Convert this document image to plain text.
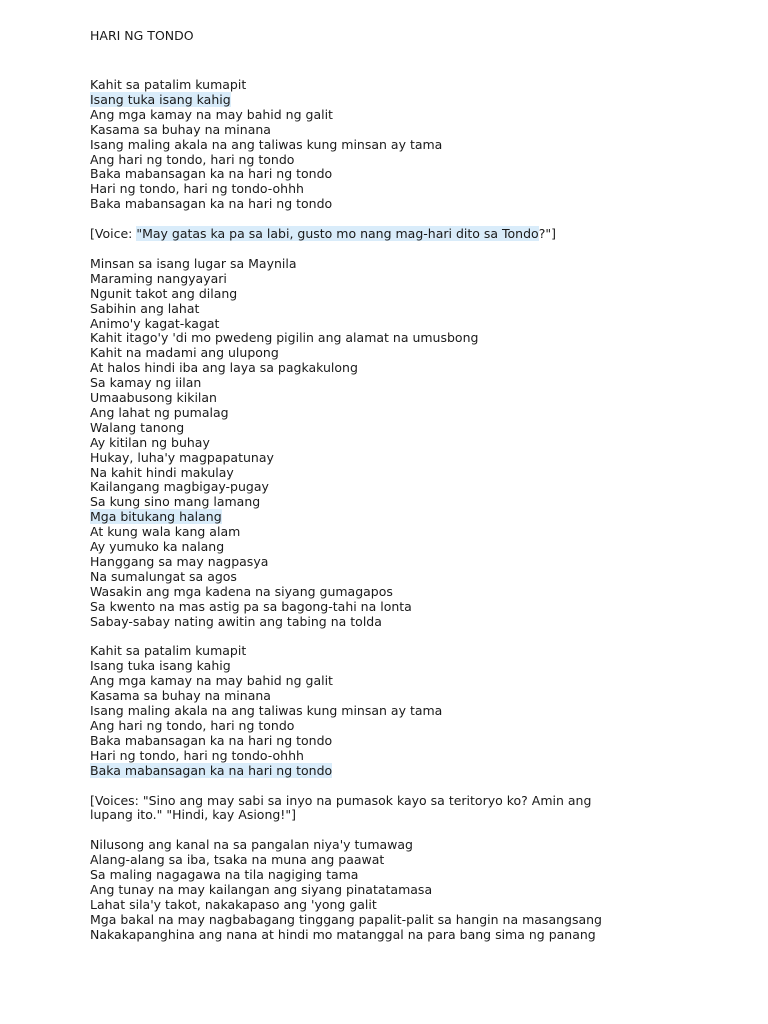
HARI NG TONDO
Kahit sa patalim kumapit
Isang tuka isang kahig
Ang mga kamay na may bahid ng galit
Kasama sa buhay na minana
Isang maling akala na ang taliwas kung minsan ay tama
Ang hari ng tondo, hari ng tondo
Baka mabansagan ka na hari ng tondo
Hari ng tondo, hari ng tondo-ohhh
Baka mabansagan ka na hari ng tondo
[Voice: "May gatas ka pa sa labi, gusto mo nang mag-hari dito sa Tondo?"]
Minsan sa isang lugar sa Maynila
Maraming nangyayari
Ngunit takot ang dilang
Sabihin ang lahat
Animo'y kagat-kagat
Kahit itago'y 'di mo pwedeng pigilin ang alamat na umusbong
Kahit na madami ang ulupong
At halos hindi iba ang laya sa pagkakulong
Sa kamay ng iilan
Umaabusong kikilan
Ang lahat ng pumalag
Walang tanong
Ay kitilan ng buhay
Hukay, luha'y magpapatunay
Na kahit hindi makulay
Kailangang magbigay-pugay
Sa kung sino mang lamang
Mga bitukang halang
At kung wala kang alam
Ay yumuko ka nalang
Hanggang sa may nagpasya
Na sumalungat sa agos
Wasakin ang mga kadena na siyang gumagapos
Sa kwento na mas astig pa sa bagong-tahi na lonta
Sabay-sabay nating awitin ang tabing na tolda
Kahit sa patalim kumapit
Isang tuka isang kahig
Ang mga kamay na may bahid ng galit
Kasama sa buhay na minana
Isang maling akala na ang taliwas kung minsan ay tama
Ang hari ng tondo, hari ng tondo
Baka mabansagan ka na hari ng tondo
Hari ng tondo, hari ng tondo-ohhh
Baka mabansagan ka na hari ng tondo
[Voices: "Sino ang may sabi sa inyo na pumasok kayo sa teritoryo ko? Amin ang
lupang ito." "Hindi, kay Asiong!"]
Nilusong ang kanal na sa pangalan niya'y tumawag
Alang-alang sa iba, tsaka na muna ang paawat
Sa maling nagagawa na tila nagiging tama
Ang tunay na may kailangan ang siyang pinatatamasa
Lahat sila'y takot, nakakapaso ang 'yong galit
Mga bakal na may nagbabagang tinggang papalit-palit sa hangin na masangsang
Nakakapanghina ang nana at hindi mo matanggal na para bang sima ng panang
